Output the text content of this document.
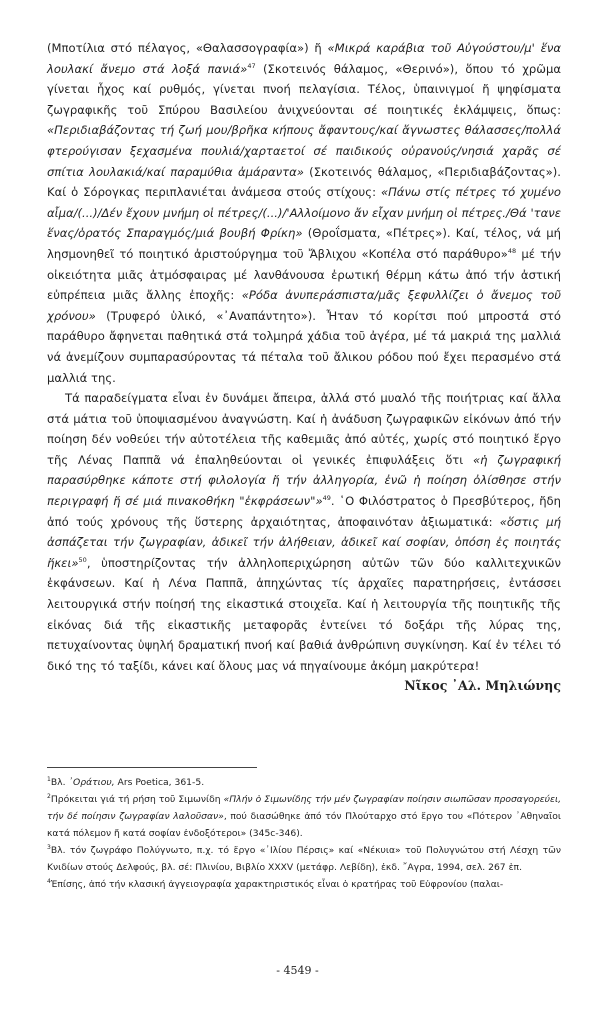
(Μποτίλια στό πέλαγος, «Θαλασσογραφία») ἤ «Μικρά καράβια τοῦ Αὐγούστου/μ' ἕνα λουλακί ἄνεμο στά λοξά πανιά»$^{47}$ (Σκοτεινός θάλαμος, «Θερινό»), ὅπου τό χρῶμα γίνεται ἦχος καί ρυθμός, γίνεται πνοή πελαγίσια. Τέλος, ὑπαινιγμοί ἤ ψηφίσματα ζωγραφικῆς τοῦ Σπύρου Βασιλείου ἀνιχνεύονται σέ ποιητικές ἐκλάμψεις, ὅπως: «Περιδιαβάζοντας τή ζωή μου/βρῆκα κήπους ἄφαντους/καί ἄγνωστες θάλασσες/πολλά φτερούγισαν ξεχασμένα πουλιά/χαρταετοί σέ παιδικούς οὐρανούς/νησιά χαρᾶς σέ σπίτια λουλακιά/καί παραμύθια ἀμάραντα» (Σκοτεινός θάλαμος, «Περιδιαβάζοντας»). Καί ὁ Σόρογκας περιπλανιέται ἀνάμεσα στούς στίχους: «Πάνω στίς πέτρες τό χυμένο αἷμα/(...)/Δέν ἔχουν μνήμη οἱ πέτρες/(...)/'Αλλοίμονο ἄν εἶχαν μνήμη οἱ πέτρες./Θά 'τανε ἕνας/ὁρατός Σπαραγμός/μιά βουβή Φρίκη» (Θροΐσματα, «Πέτρες»). Καί, τέλος, νά μή λησμονηθεῖ τό ποιητικό ἀριστούργημα τοῦ Ἄβλιχου «Κοπέλα στό παράθυρο»$^{48}$ μέ τήν οἰκειότητα μιᾶς ἀτμόσφαιρας μέ λανθάνουσα ἐρωτική θέρμη κάτω ἀπό τήν ἀστική εὐπρέπεια μιᾶς ἄλλης ἐποχῆς: «Ρόδα ἀνυπεράσπιστα/μᾶς ξεφυλλίζει ὁ ἄνεμος τοῦ χρόνου» (Τρυφερό ὑλικό, «᾿Αναπάντητο»). Ἦταν τό κορίτσι πού μπροστά στό παράθυρο ἄφηνεται παθητικά στά τολμηρά χάδια τοῦ ἀγέρα, μέ τά μακριά της μαλλιά νά ἀνεμίζουν συμπαρασύροντας τά πέταλα τοῦ ἄλικου ρόδου πού ἔχει περασμένο στά μαλλιά της.

Τά παραδείγματα εἶναι ἐν δυνάμει ἄπειρα, ἀλλά στό μυαλό τῆς ποιήτριας καί ἄλλα στά μάτια τοῦ ὑποψιασμένου ἀναγνώστη. Καί ἡ ἀνάδυση ζωγραφικῶν εἰκόνων ἀπό τήν ποίηση δέν νοθεύει τήν αὐτοτέλεια τῆς καθεμιᾶς ἀπό αὐτές, χωρίς στό ποιητικό ἔργο τῆς Λένας Παππᾶ νά ἐπαληθεύονται οἱ γενικές ἐπιφυλάξεις ὅτι «ἡ ζωγραφική παρασύρθηκε κάποτε στή φιλολογία ἤ τήν ἀλληγορία, ἐνῶ ἡ ποίηση ὀλίσθησε στήν περιγραφή ἤ σέ μιά πινακοθήκη "ἐκφράσεων"»$^{49}$. ῾Ο Φιλόστρατος ὁ Πρεσβύτερος, ἤδη ἀπό τούς χρόνους τῆς ὕστερης ἀρχαιότητας, ἀποφαινόταν ἀξιωματικά: «ὅστις μή ἀσπάζεται τήν ζωγραφίαν, ἀδικεῖ τήν ἀλήθειαν, ἀδικεῖ καί σοφίαν, ὁπόση ἐς ποιητάς ἥκει»$^{50}$, ὑποστηρίζοντας τήν ἀλληλοπεριχώρηση αὐτῶν τῶν δύο καλλιτεχνικῶν ἐκφάνσεων. Καί ἡ Λένα Παππᾶ, ἀπηχώντας τίς ἀρχαῖες παρατηρήσεις, ἐντάσσει λειτουργικά στήν ποίησή της εἰκαστικά στοιχεῖα. Καί ἡ λειτουργία τῆς ποιητικῆς τῆς εἰκόνας διά τῆς εἰκαστικῆς μεταφορᾶς ἐντείνει τό δοξάρι τῆς λύρας της, πετυχαίνοντας ὑψηλή δραματική πνοή καί βαθιά ἀνθρώπινη συγκίνηση. Καί ἐν τέλει τό δικό της τό ταξίδι, κάνει καί ὅλους μας νά πηγαίνουμε ἀκόμη μακρύτερα!

Νῖκος ᾿Αλ. Μηλιώνης

$^1$Βλ. ᾿Οράτιου, Ars Poetica, 361-5.

$^2$Πρόκειται γιά τή ρήση τοῦ Σιμωνίδη «Πλήν ὁ Σιμωνίδης τήν μέν ζωγραφίαν ποίησιν σιωπῶσαν προσαγορεύει, τήν δέ ποίησιν ζωγραφίαν λαλοῦσαν», πού διασώθηκε ἀπό τόν Πλούταρχο στό ἔργο του «Πότερον ᾿Αθηναῖοι κατά πόλεμον ἤ κατά σοφίαν ἐνδοξότεροι» (345c-346).

$^3$Βλ. τόν ζωγράφο Πολύγνωτο, π.χ. τό ἔργο «᾿Ιλίου Πέρσις» καί «Νέκυια» τοῦ Πολυγνώτου στή Λέσχη τῶν Κνιδίων στούς Δελφούς, βλ. σέ: Πλινίου, Βιβλίο XXXV (μετάφρ. Λεβίδη), ἐκδ. ῎Αγρα, 1994, σελ. 267 ἑπ.

$^4$Ἐπίσης, ἀπό τήν κλασική ἀγγειογραφία χαρακτηριστικός εἶναι ὁ κρατήρας τοῦ Εὐφρονίου (παλαι-

- 4549 -
